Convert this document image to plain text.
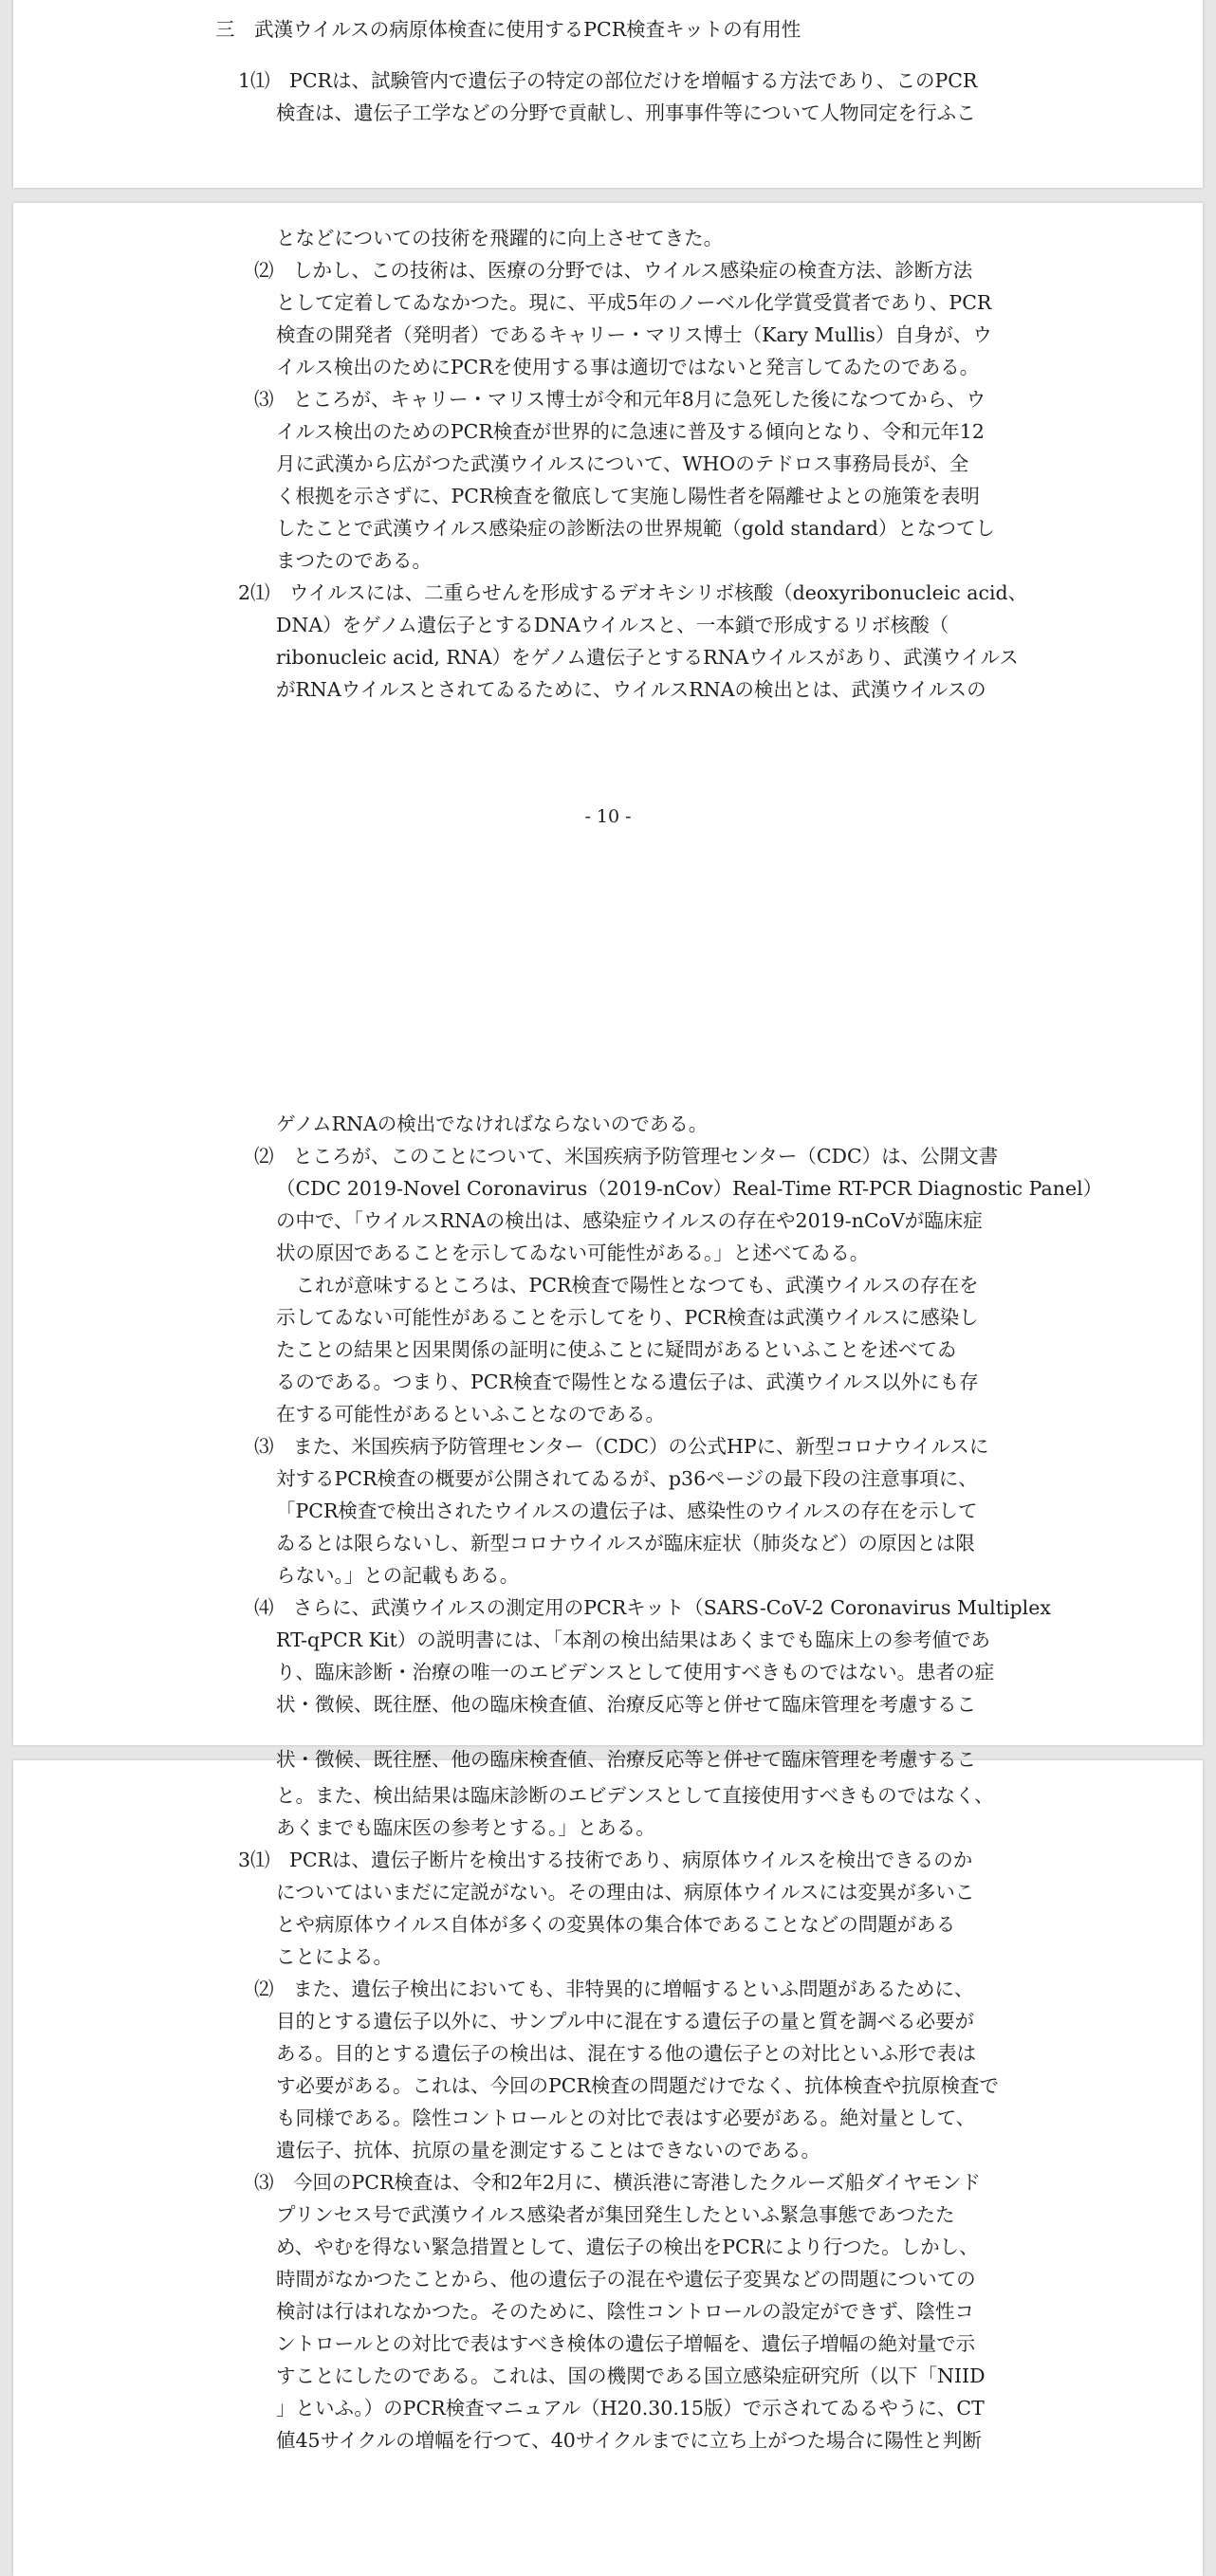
三　武漢ウイルスの病原体検査に使用するPCR検査キットの有用性
1⑴　PCRは、試験管内で遺伝子の特定の部位だけを増幅する方法であり、このPCR
検査は、遺伝子工学などの分野で貢献し、刑事事件等について人物同定を行ふこ
となどについての技術を飛躍的に向上させてきた。
⑵　しかし、この技術は、医療の分野では、ウイルス感染症の検査方法、診断方法
として定着してゐなかつた。現に、平成5年のノーベル化学賞受賞者であり、PCR
検査の開発者（発明者）であるキャリー・マリス博士（Kary Mullis）自身が、ウ
イルス検出のためにPCRを使用する事は適切ではないと発言してゐたのである。
⑶　ところが、キャリー・マリス博士が令和元年8月に急死した後になつてから、ウ
イルス検出のためのPCR検査が世界的に急速に普及する傾向となり、令和元年12
月に武漢から広がつた武漢ウイルスについて、WHOのテドロス事務局長が、全
く根拠を示さずに、PCR検査を徹底して実施し陽性者を隔離せよとの施策を表明
したことで武漢ウイルス感染症の診断法の世界規範（gold standard）となつてし
まつたのである。
2⑴　ウイルスには、二重らせんを形成するデオキシリボ核酸（deoxyribonucleic acid、
DNA）をゲノム遺伝子とするDNAウイルスと、一本鎖で形成するリボ核酸（
ribonucleic acid, RNA）をゲノム遺伝子とするRNAウイルスがあり、武漢ウイルス
がRNAウイルスとされてゐるために、ウイルスRNAの検出とは、武漢ウイルスの
- 10 -
ゲノムRNAの検出でなければならないのである。
⑵　ところが、このことについて、米国疾病予防管理センター（CDC）は、公開文書
（CDC 2019-Novel Coronavirus（2019-nCov）Real-Time RT-PCR Diagnostic Panel）
の中で、「ウイルスRNAの検出は、感染症ウイルスの存在や2019-nCoVが臨床症
状の原因であることを示してゐない可能性がある。」と述べてゐる。
　これが意味するところは、PCR検査で陽性となつても、武漢ウイルスの存在を
示してゐない可能性があることを示してをり、PCR検査は武漢ウイルスに感染し
たことの結果と因果関係の証明に使ふことに疑問があるといふことを述べてゐ
るのである。つまり、PCR検査で陽性となる遺伝子は、武漢ウイルス以外にも存
在する可能性があるといふことなのである。
⑶　また、米国疾病予防管理センター（CDC）の公式HPに、新型コロナウイルスに
対するPCR検査の概要が公開されてゐるが、p36ページの最下段の注意事項に、
「PCR検査で検出されたウイルスの遺伝子は、感染性のウイルスの存在を示して
ゐるとは限らないし、新型コロナウイルスが臨床症状（肺炎など）の原因とは限
らない。」との記載もある。
⑷　さらに、武漢ウイルスの測定用のPCRキット（SARS-CoV-2 Coronavirus Multiplex
RT-qPCR Kit）の説明書には、「本剤の検出結果はあくまでも臨床上の参考値であ
り、臨床診断・治療の唯一のエビデンスとして使用すべきものではない。患者の症
状・徴候、既往歴、他の臨床検査値、治療反応等と併せて臨床管理を考慮するこ
状・徴候、既往歴、他の臨床検査値、治療反応等と併せて臨床管理を考慮するこ
と。また、検出結果は臨床診断のエビデンスとして直接使用すべきものではなく、
あくまでも臨床医の参考とする。」とある。
3⑴　PCRは、遺伝子断片を検出する技術であり、病原体ウイルスを検出できるのか
についてはいまだに定説がない。その理由は、病原体ウイルスには変異が多いこ
とや病原体ウイルス自体が多くの変異体の集合体であることなどの問題がある
ことによる。
⑵　また、遺伝子検出においても、非特異的に増幅するといふ問題があるために、
目的とする遺伝子以外に、サンプル中に混在する遺伝子の量と質を調べる必要が
ある。目的とする遺伝子の検出は、混在する他の遺伝子との対比といふ形で表は
す必要がある。これは、今回のPCR検査の問題だけでなく、抗体検査や抗原検査で
も同様である。陰性コントロールとの対比で表はす必要がある。絶対量として、
遺伝子、抗体、抗原の量を測定することはできないのである。
⑶　今回のPCR検査は、令和2年2月に、横浜港に寄港したクルーズ船ダイヤモンド
プリンセス号で武漢ウイルス感染者が集団発生したといふ緊急事態であつたた
め、やむを得ない緊急措置として、遺伝子の検出をPCRにより行つた。しかし、
時間がなかつたことから、他の遺伝子の混在や遺伝子変異などの問題についての
検討は行はれなかつた。そのために、陰性コントロールの設定ができず、陰性コ
ントロールとの対比で表はすべき検体の遺伝子増幅を、遺伝子増幅の絶対量で示
すことにしたのである。これは、国の機関である国立感染症研究所（以下「NIID
」といふ。）のPCR検査マニュアル（H20.30.15版）で示されてゐるやうに、CT
値45サイクルの増幅を行つて、40サイクルまでに立ち上がつた場合に陽性と判断
